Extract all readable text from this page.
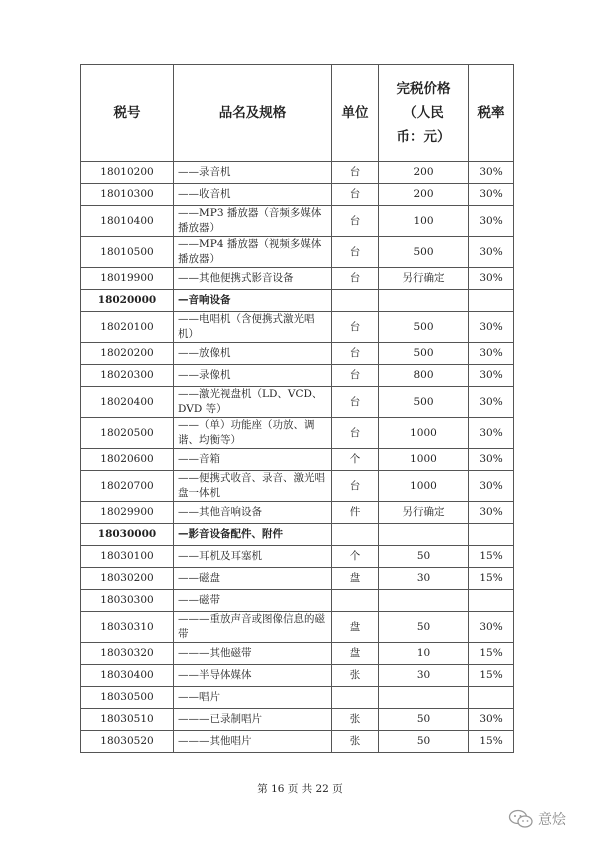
税号	品名及规格	单位	完税价格（人民币：元）	税率
18010200	——录音机	台	200	30%
18010300	——收音机	台	200	30%
18010400	——MP3 播放器（音频多媒体播放器）	台	100	30%
18010500	——MP4 播放器（视频多媒体播放器）	台	500	30%
18019900	——其他便携式影音设备	台	另行确定	30%
18020000	—音响设备			
18020100	——电唱机（含便携式激光唱机）	台	500	30%
18020200	——放像机	台	500	30%
18020300	——录像机	台	800	30%
18020400	——激光视盘机（LD、VCD、DVD 等）	台	500	30%
18020500	——（单）功能座（功放、调谐、均衡等）	台	1000	30%
18020600	——音箱	个	1000	30%
18020700	——便携式收音、录音、激光唱盘一体机	台	1000	30%
18029900	——其他音响设备	件	另行确定	30%
18030000	—影音设备配件、附件			
18030100	——耳机及耳塞机	个	50	15%
18030200	——磁盘	盘	30	15%
18030300	——磁带			
18030310	———重放声音或图像信息的磁带	盘	50	30%
18030320	———其他磁带	盘	10	15%
18030400	——半导体媒体	张	30	15%
18030500	——唱片			
18030510	———已录制唱片	张	50	30%
18030520	———其他唱片	张	50	15%
第 16 页 共 22 页
意烩
